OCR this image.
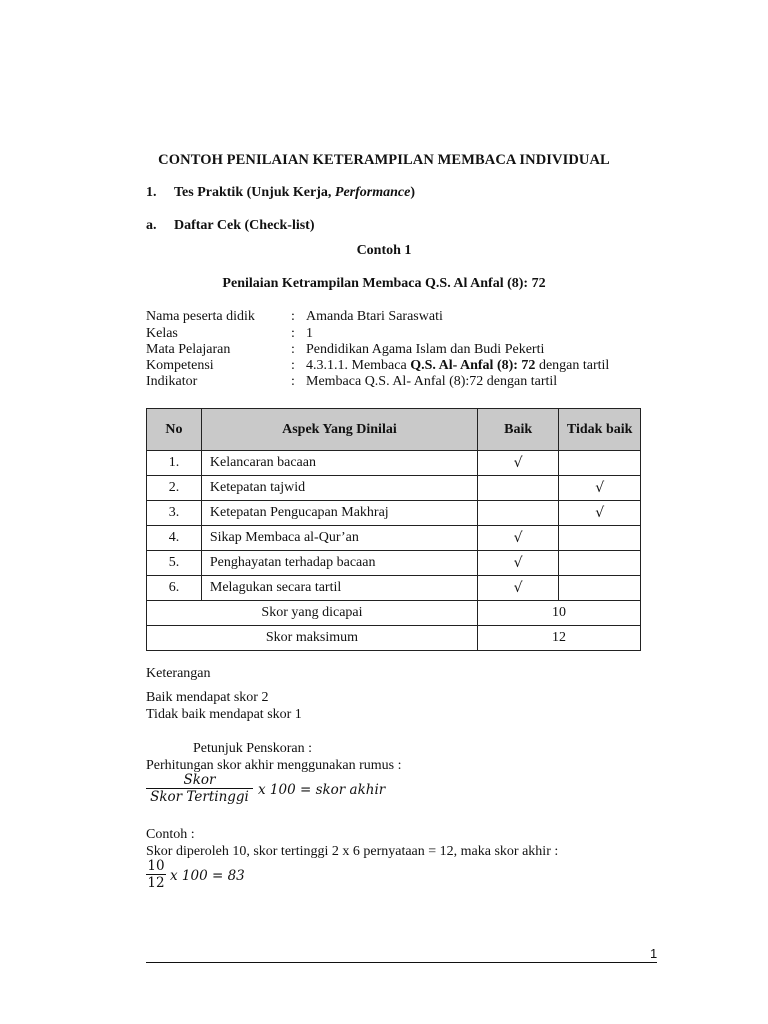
CONTOH PENILAIAN KETERAMPILAN MEMBACA INDIVIDUAL
1. Tes Praktik (Unjuk Kerja, Performance)
a. Daftar Cek (Check-list)
Contoh 1
Penilaian Ketrampilan Membaca Q.S. Al Anfal (8): 72
Nama peserta didik	: Amanda Btari Saraswati
Kelas	: 1
Mata Pelajaran	: Pendidikan Agama Islam dan Budi Pekerti
Kompetensi	: 4.3.1.1. Membaca Q.S. Al- Anfal (8): 72 dengan tartil
Indikator	: Membaca Q.S. Al- Anfal (8):72 dengan tartil
No	Aspek Yang Dinilai	Baik	Tidak baik
1.	Kelancaran bacaan	√	
2.	Ketepatan tajwid		√
3.	Ketepatan Pengucapan Makhraj		√
4.	Sikap Membaca al-Qur’an	√	
5.	Penghayatan terhadap bacaan	√	
6.	Melagukan secara tartil	√	
Skor yang dicapai		10	
Skor maksimum		12	
Keterangan
Baik mendapat skor 2
Tidak baik mendapat skor 1
Petunjuk Penskoran :
Perhitungan skor akhir menggunakan rumus :
Skor
Skor Tertinggi x 100 = skor akhir
Contoh :
Skor diperoleh 10, skor tertinggi 2 x 6 pernyataan = 12, maka skor akhir :
10
12 x 100 = 83
1
